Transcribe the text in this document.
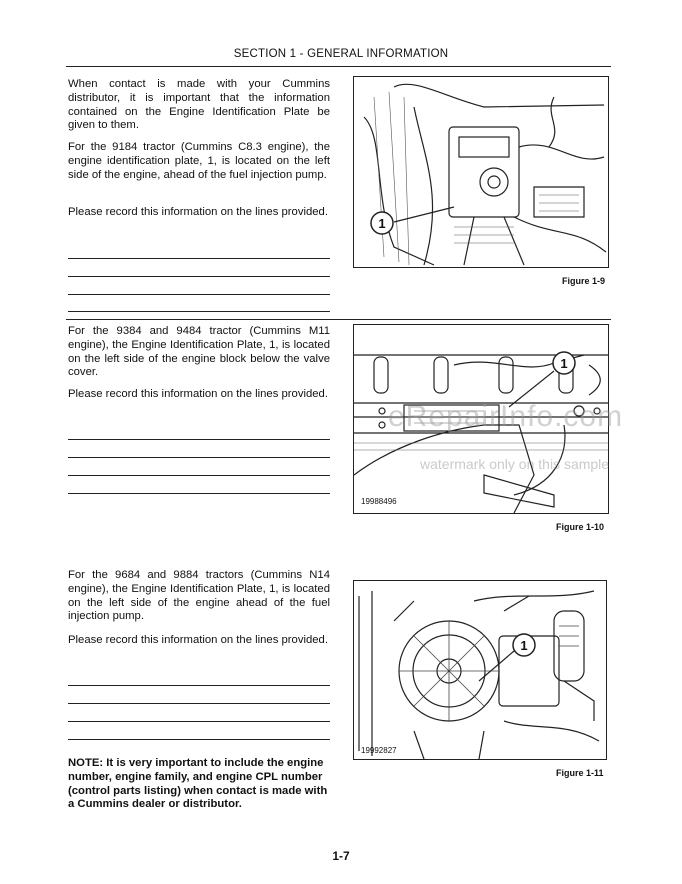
SECTION 1 - GENERAL INFORMATION

When contact is made with your Cummins distributor, it is important that the information contained on the Engine Identification Plate be given to them.

For the 9184 tractor (Cummins C8.3 engine), the engine identification plate, 1, is located on the left side of the engine, ahead of the fuel injection pump.

Please record this information on the lines provided.

1
Figure 1-9

For the 9384 and 9484 tractor (Cummins M11 engine), the Engine Identification Plate, 1, is located on the left side of the engine block below the valve cover.

Please record this information on the lines provided.

1
19988496
Figure 1-10

For the 9684 and 9884 tractors (Cummins N14 engine), the Engine Identification Plate, 1, is located on the left side of the engine ahead of the fuel injection pump.

Please record this information on the lines provided.	1
19992827
Figure 1-11

NOTE: It is very important to include the engine number, engine family, and engine CPL number (control parts listing) when contact is made with a Cummins dealer or distributor.

eRepairInfo.com
watermark only on this sample
1-7
